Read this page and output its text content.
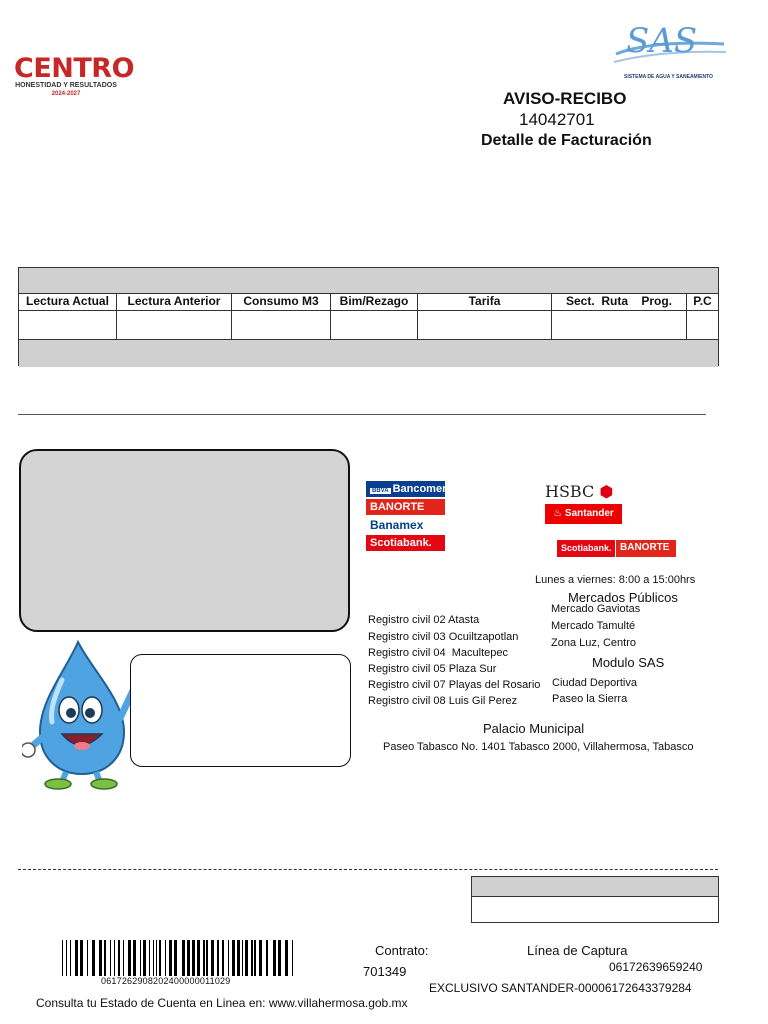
CENTRO
HONESTIDAD Y RESULTADOS
2024-2027
SAS
SISTEMA DE AGUA Y SANEAMIENTO
AVISO-RECIBO
14042701
Detalle de Facturación
Lectura Actual	Lectura Anterior	Consumo M3	Bim/Rezago	Tarifa	Sect.  Ruta    Prog.	P.C
BBVA Bancomer
BANORTE
Banamex
Scotiabank.
HSBC ⬢
♨ Santander
Scotiabank. BANORTE
Lunes a viernes: 8:00 a 15:00hrs
Mercados Públicos
Mercado Gaviotas
Mercado Tamulté
Zona Luz, Centro
Registro civil 02 Atasta
Registro civil 03 Ocuiltzapotlan
Registro civil 04  Macultepec
Registro civil 05 Plaza Sur
Registro civil 07 Playas del Rosario
Registro civil 08 Luis Gil Perez
Modulo SAS
Ciudad Deportiva
Paseo la Sierra
Palacio Municipal
Paseo Tabasco No. 1401 Tabasco 2000, Villahermosa, Tabasco
0617262908202400000011029
Contrato:
701349
Línea de Captura
06172639659240
EXCLUSIVO SANTANDER-00006172643379284
Consulta tu Estado de Cuenta en Linea en: www.villahermosa.gob.mx
